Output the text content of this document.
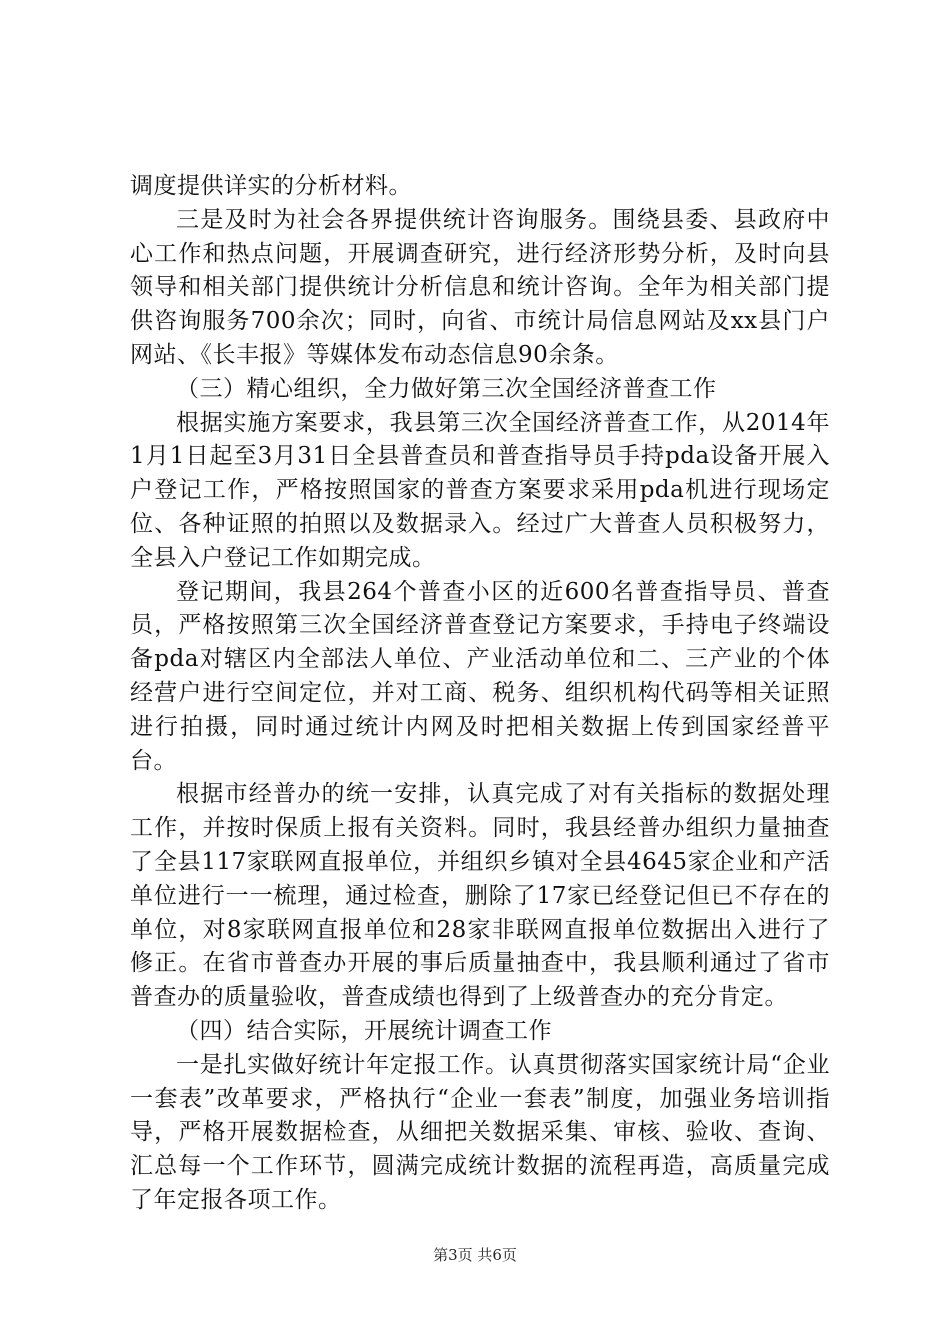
调度提供详实的分析材料。

三是及时为社会各界提供统计咨询服务。围绕县委、县政府中心工作和热点问题，开展调查研究，进行经济形势分析，及时向县领导和相关部门提供统计分析信息和统计咨询。全年为相关部门提供咨询服务700余次；同时，向省、市统计局信息网站及xx县门户网站、《长丰报》等媒体发布动态信息90余条。

（三）精心组织，全力做好第三次全国经济普查工作

根据实施方案要求，我县第三次全国经济普查工作，从2014年1月1日起至3月31日全县普查员和普查指导员手持pda设备开展入户登记工作，严格按照国家的普查方案要求采用pda机进行现场定位、各种证照的拍照以及数据录入。经过广大普查人员积极努力，全县入户登记工作如期完成。

登记期间，我县264个普查小区的近600名普查指导员、普查员，严格按照第三次全国经济普查登记方案要求，手持电子终端设备pda对辖区内全部法人单位、产业活动单位和二、三产业的个体经营户进行空间定位，并对工商、税务、组织机构代码等相关证照进行拍摄，同时通过统计内网及时把相关数据上传到国家经普平台。

根据市经普办的统一安排，认真完成了对有关指标的数据处理工作，并按时保质上报有关资料。同时，我县经普办组织力量抽查了全县117家联网直报单位，并组织乡镇对全县4645家企业和产活单位进行一一梳理，通过检查，删除了17家已经登记但已不存在的单位，对8家联网直报单位和28家非联网直报单位数据出入进行了修正。在省市普查办开展的事后质量抽查中，我县顺利通过了省市普查办的质量验收，普查成绩也得到了上级普查办的充分肯定。

（四）结合实际，开展统计调查工作

一是扎实做好统计年定报工作。认真贯彻落实国家统计局“企业一套表”改革要求，严格执行“企业一套表”制度，加强业务培训指导，严格开展数据检查，从细把关数据采集、审核、验收、查询、汇总每一个工作环节，圆满完成统计数据的流程再造，高质量完成了年定报各项工作。

第3页 共6页
